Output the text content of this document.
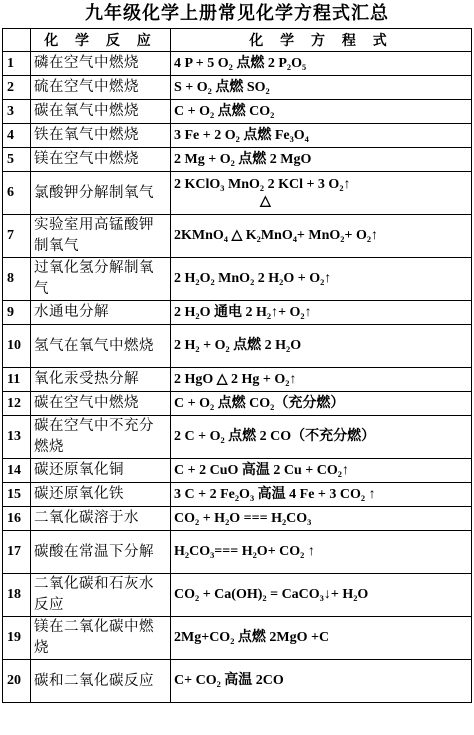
九年级化学上册常见化学方程式汇总
	化 学 反 应	化 学 方 程 式
1	磷在空气中燃烧	4 P + 5 O₂ 点燃 2 P₂O₅
2	硫在空气中燃烧	S + O₂ 点燃 SO₂
3	碳在氧气中燃烧	C + O₂ 点燃 CO₂
4	铁在氧气中燃烧	3 Fe + 2 O₂ 点燃 Fe₃O₄
5	镁在空气中燃烧	2 Mg + O₂ 点燃 2 MgO
6	氯酸钾分解制氧气	2 KClO₃ MnO₂ 2 KCl + 3 O₂↑
△

7	实验室用高锰酸钾制氧气	2KMnO₄ △ K₂MnO₄+ MnO₂+ O₂↑
8	过氧化氢分解制氧气	2 H₂O₂ MnO₂ 2 H₂O + O₂↑
9	水通电分解	2 H₂O 通电 2 H₂↑+ O₂↑
10	氢气在氧气中燃烧	2 H₂ + O₂ 点燃 2 H₂O
11	氧化汞受热分解	2 HgO △ 2 Hg + O₂↑
12	碳在空气中燃烧	C + O₂ 点燃 CO₂（充分燃）
13	碳在空气中不充分燃烧	2 C + O₂ 点燃 2 CO（不充分燃）
14	碳还原氧化铜	C + 2 CuO 高温 2 Cu + CO₂↑
15	碳还原氧化铁	3 C + 2 Fe₂O₃ 高温 4 Fe + 3 CO₂ ↑
16	二氧化碳溶于水	CO₂ + H₂O === H₂CO₃
17	碳酸在常温下分解	H₂CO₃=== H₂O+ CO₂ ↑
18	二氧化碳和石灰水反应	CO₂ + Ca(OH)₂ = CaCO₃↓+ H₂O
19	镁在二氧化碳中燃烧	2Mg+CO₂ 点燃 2MgO +C
20	碳和二氧化碳反应	C+ CO₂ 高温 2CO
